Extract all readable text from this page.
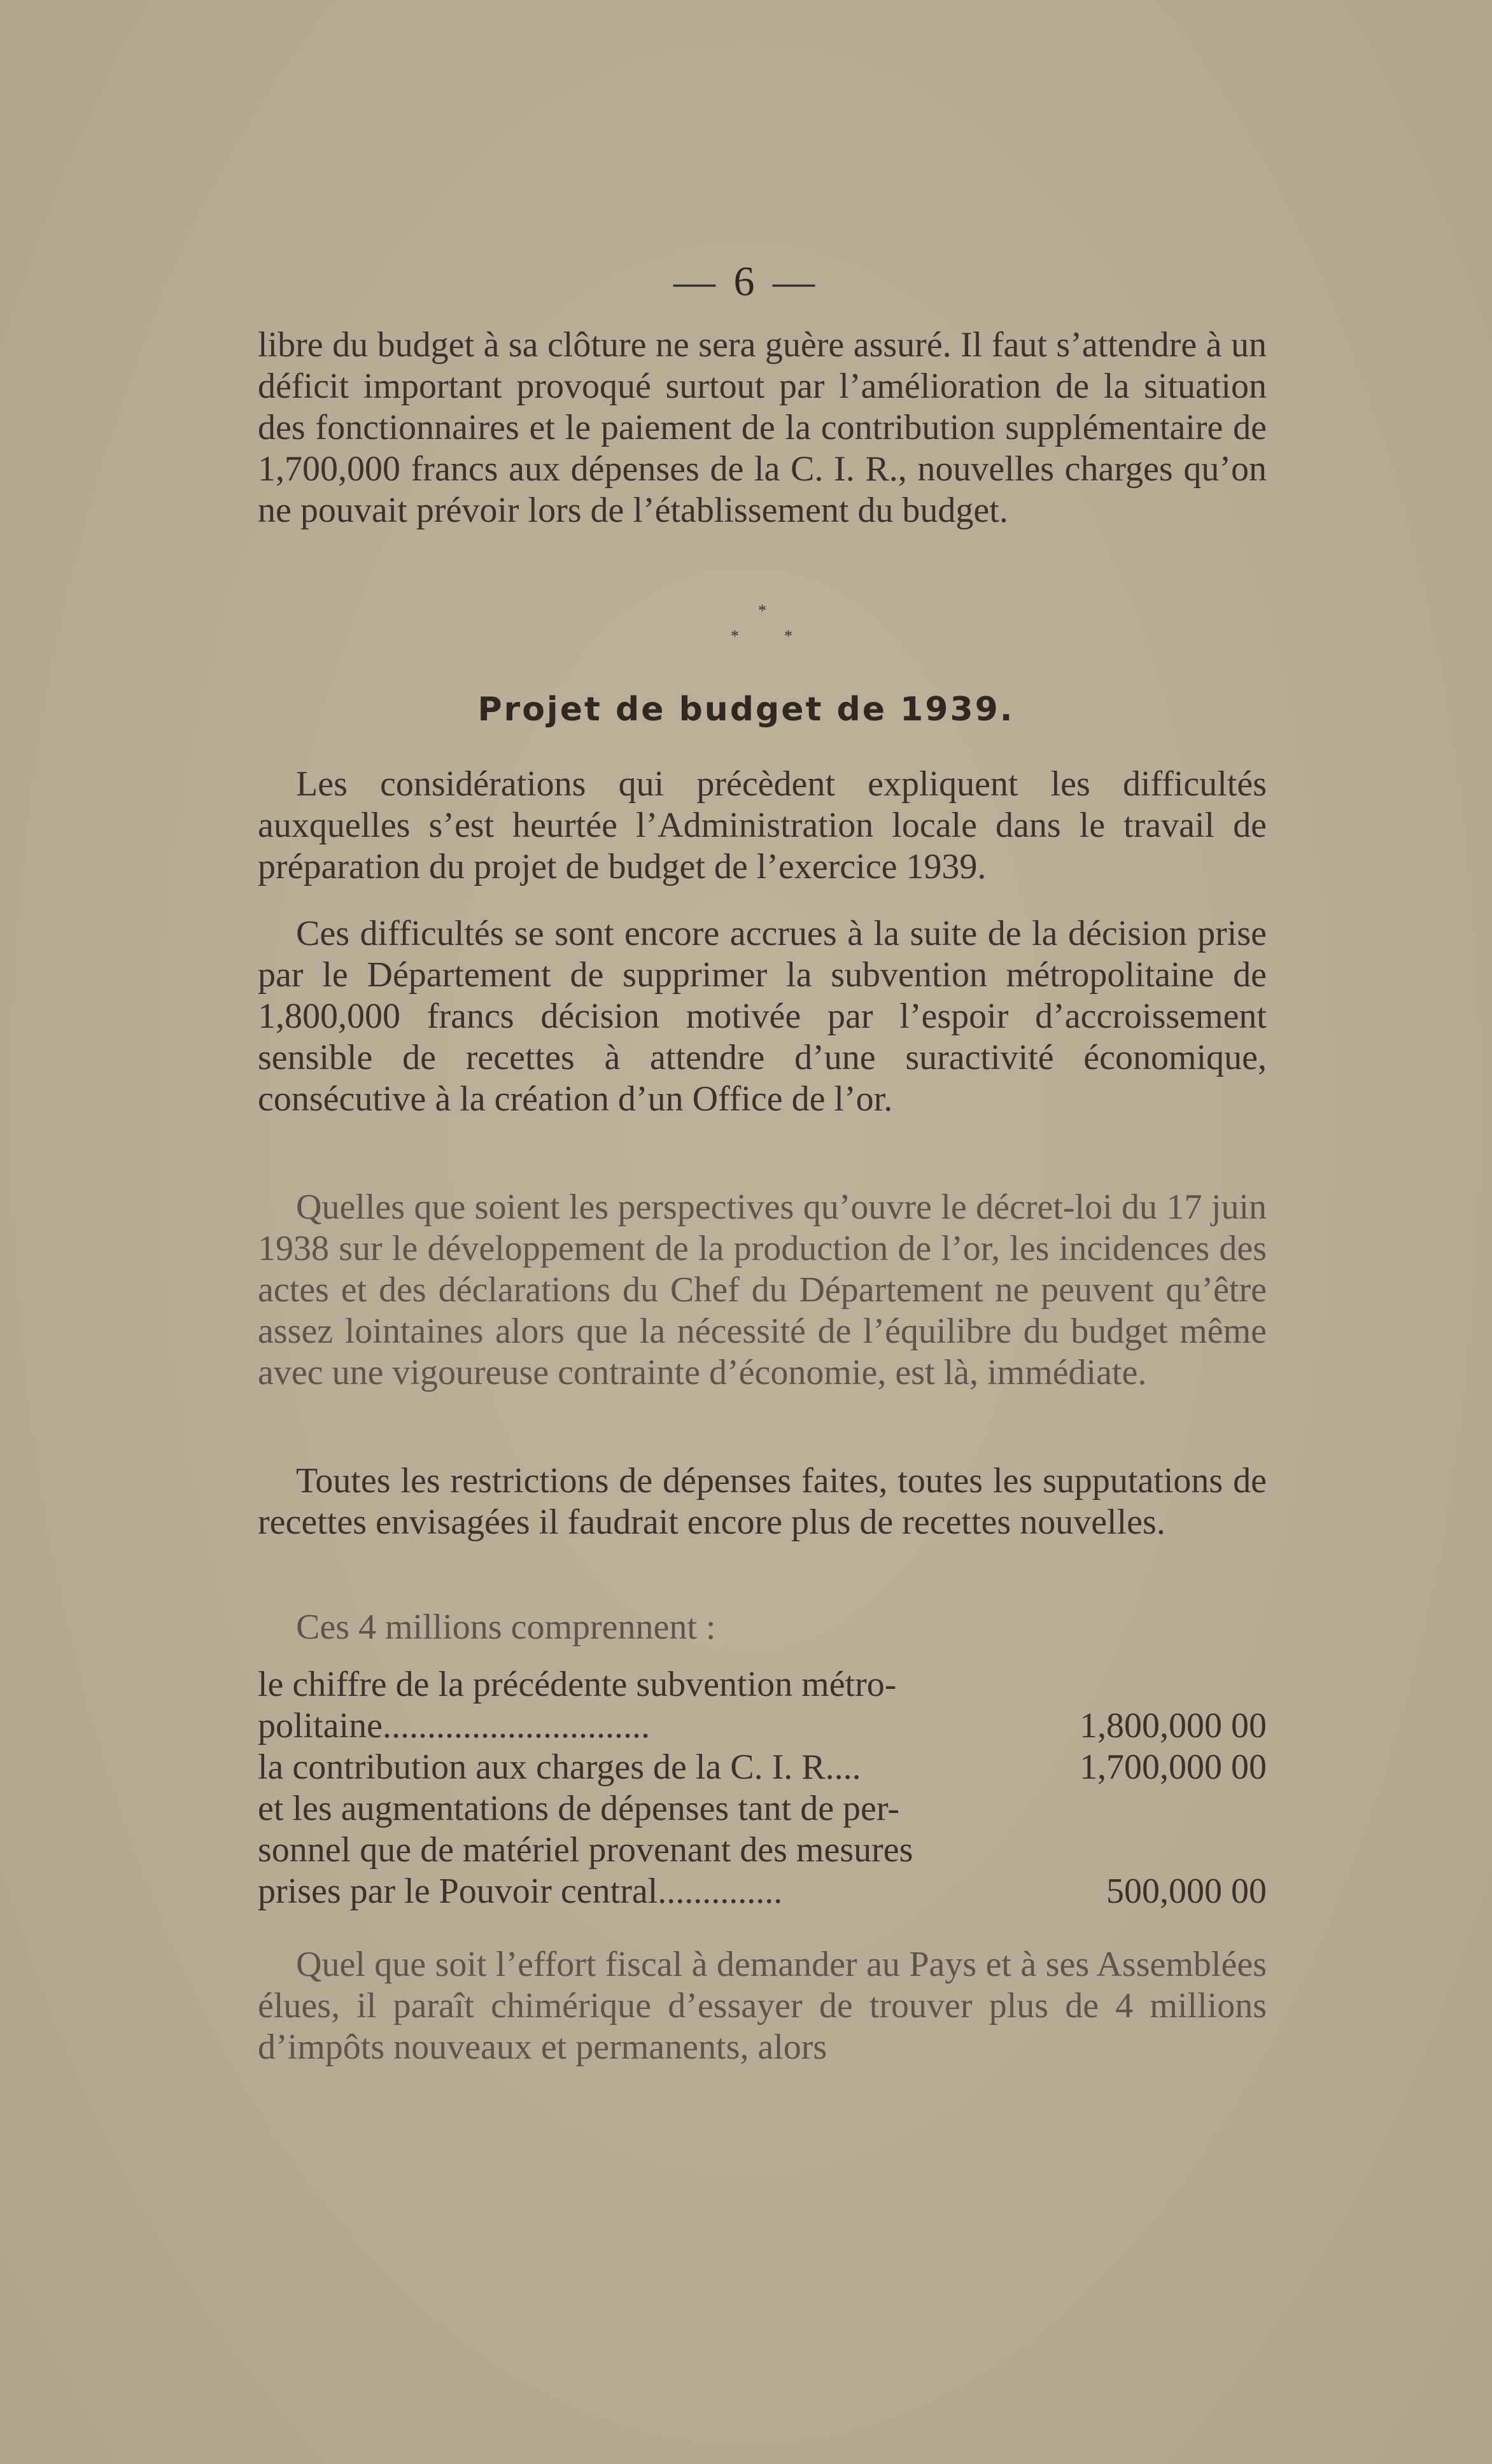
— 6 —

libre du budget à sa clôture ne sera guère assuré. Il faut s’attendre à un déficit important provoqué surtout par l’amélioration de la situation des fonctionnaires et le paiement de la contribution supplémentaire de 1,700,000 francs aux dépenses de la C. I. R., nouvelles charges qu’on ne pouvait prévoir lors de l’établissement du budget.

*
*	*
Projet de budget de 1939.

Les considérations qui précèdent expliquent les difficultés auxquelles s’est heurtée l’Administration locale dans le travail de préparation du projet de budget de l’exercice 1939.

Ces difficultés se sont encore accrues à la suite de la décision prise par le Département de supprimer la subvention métropolitaine de 1,800,000 francs décision motivée par l’espoir d’accroissement sensible de recettes à attendre d’une suractivité économique, consécutive à la création d’un Office de l’or.

Quelles que soient les perspectives qu’ouvre le décret-loi du 17 juin 1938 sur le développement de la production de l’or, les incidences des actes et des déclarations du Chef du Département ne peuvent qu’être assez lointaines alors que la nécessité de l’équilibre du budget même avec une vigoureuse contrainte d’économie, est là, immédiate.

Toutes les restrictions de dépenses faites, toutes les supputations de recettes envisagées il faudrait encore plus de recettes nouvelles.

Ces 4 millions comprennent :
le chiffre de la précédente subvention métro-
politaine..............................	1,800,000 00
la contribution aux charges de la C. I. R....	1,700,000 00
et les augmentations de dépenses tant de per-
sonnel que de matériel provenant des mesures
prises par le Pouvoir central..............	500,000 00

Quel que soit l’effort fiscal à demander au Pays et à ses Assemblées élues, il paraît chimérique d’essayer de trouver plus de 4 millions d’impôts nouveaux et permanents, alors
